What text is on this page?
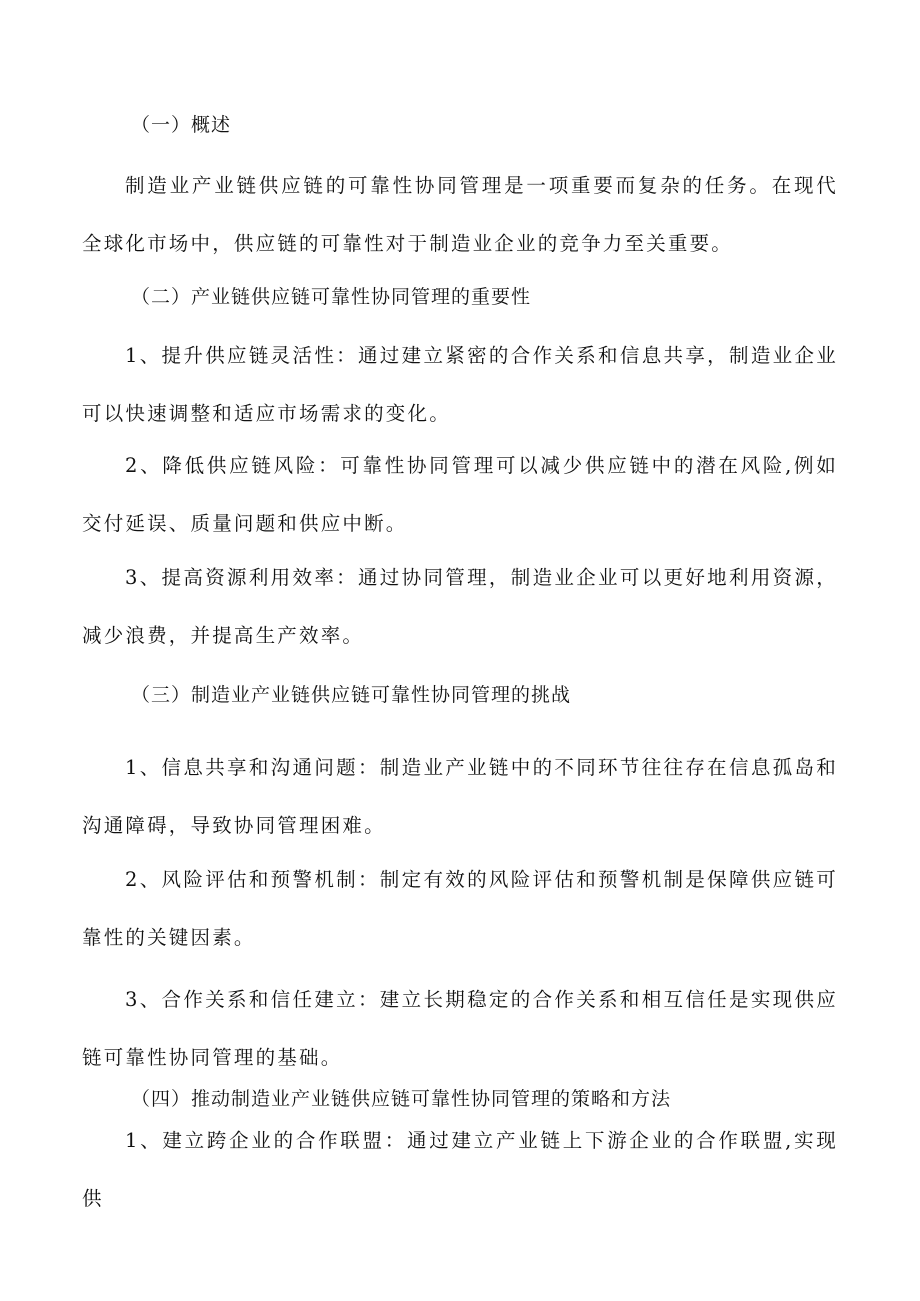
（一）概述

制造业产业链供应链的可靠性协同管理是一项重要而复杂的任务。在现代全球化市场中，供应链的可靠性对于制造业企业的竞争力至关重要。

（二）产业链供应链可靠性协同管理的重要性

1、提升供应链灵活性：通过建立紧密的合作关系和信息共享，制造业企业可以快速调整和适应市场需求的变化。

2、降低供应链风险：可靠性协同管理可以减少供应链中的潜在风险,例如交付延误、质量问题和供应中断。

3、提高资源利用效率：通过协同管理，制造业企业可以更好地利用资源，减少浪费，并提高生产效率。

（三）制造业产业链供应链可靠性协同管理的挑战

1、信息共享和沟通问题：制造业产业链中的不同环节往往存在信息孤岛和沟通障碍，导致协同管理困难。

2、风险评估和预警机制：制定有效的风险评估和预警机制是保障供应链可靠性的关键因素。

3、合作关系和信任建立：建立长期稳定的合作关系和相互信任是实现供应链可靠性协同管理的基础。

（四）推动制造业产业链供应链可靠性协同管理的策略和方法

1、建立跨企业的合作联盟：通过建立产业链上下游企业的合作联盟,实现供
